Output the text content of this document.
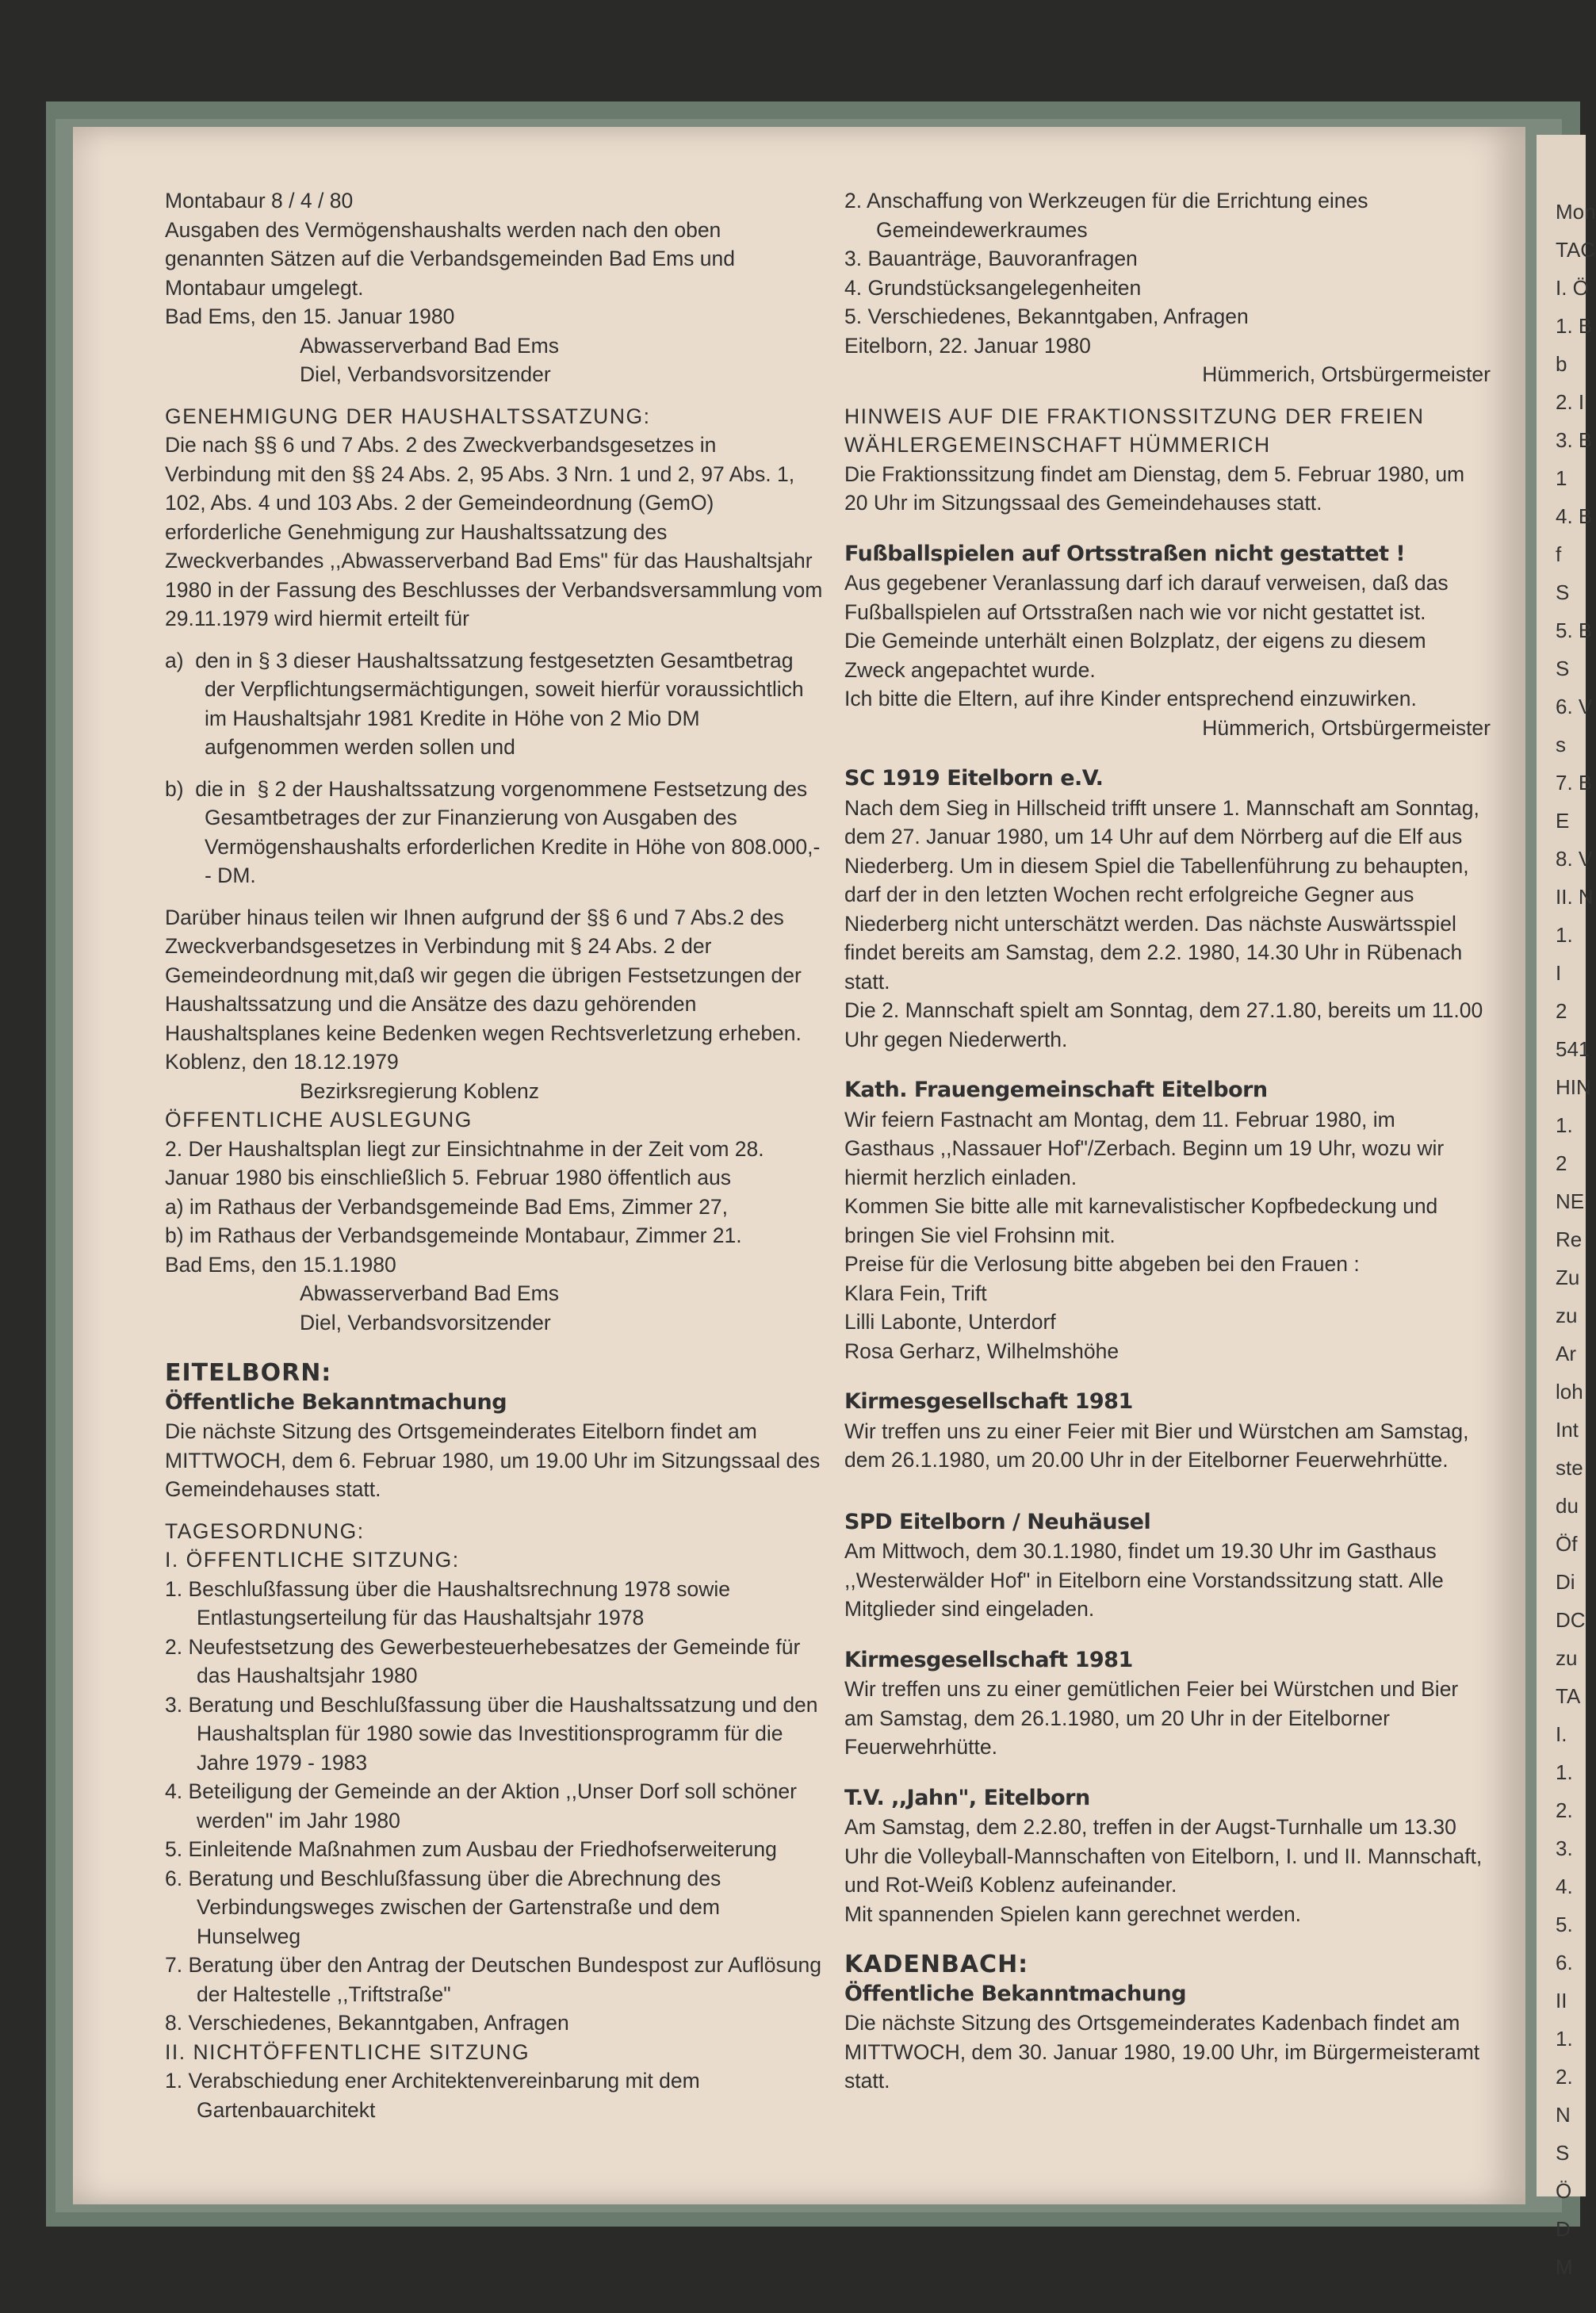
Montabaur 8 / 4 / 80

Ausgaben des Vermögenshaushalts werden nach den oben

genannten Sätzen auf die Verbandsgemeinden Bad Ems und

Montabaur umgelegt.

Bad Ems, den 15. Januar 1980

Abwasserverband Bad Ems

Diel, Verbandsvorsitzender

GENEHMIGUNG DER HAUSHALTSSATZUNG:

Die nach §§ 6 und 7 Abs. 2 des Zweckverbandsgesetzes in Verbindung mit den §§ 24 Abs. 2, 95 Abs. 3 Nrn. 1 und 2, 97 Abs. 1, 102, Abs. 4 und 103 Abs. 2 der Gemeindeordnung (GemO) erforderliche Genehmigung zur Haushaltssatzung des Zweckverbandes ,,Abwasserverband Bad Ems" für das Haushaltsjahr 1980 in der Fassung des Beschlusses der Verbandsversammlung vom 29.11.1979 wird hiermit erteilt für

a)  den in § 3 dieser Haushaltssatzung festgesetzten Gesamtbetrag der Verpflichtungsermächtigungen, soweit hierfür voraussichtlich im Haushaltsjahr 1981 Kredite in Höhe von 2 Mio DM aufgenommen werden sollen und

b)  die in  § 2 der Haushaltssatzung vorgenommene Festsetzung des Gesamtbetrages der zur Finanzierung von Ausgaben des Vermögenshaushalts erforderlichen Kredite in Höhe von 808.000,-- DM.

Darüber hinaus teilen wir Ihnen aufgrund der §§ 6 und 7 Abs.2 des Zweckverbandsgesetzes in Verbindung mit § 24 Abs. 2 der Gemeindeordnung mit,daß wir gegen die übrigen Festsetzungen der Haushaltssatzung und die Ansätze des dazu gehörenden Haushaltsplanes keine Bedenken wegen Rechtsverletzung erheben.

Koblenz, den 18.12.1979

Bezirksregierung Koblenz

ÖFFENTLICHE AUSLEGUNG

2. Der Haushaltsplan liegt zur Einsichtnahme in der Zeit vom 28. Januar 1980 bis einschließlich 5. Februar 1980 öffentlich aus

a) im Rathaus der Verbandsgemeinde Bad Ems, Zimmer 27,

b) im Rathaus der Verbandsgemeinde Montabaur, Zimmer 21.

Bad Ems, den 15.1.1980

Abwasserverband Bad Ems

Diel, Verbandsvorsitzender

EITELBORN:

Öffentliche Bekanntmachung

Die nächste Sitzung des Ortsgemeinderates Eitelborn findet am MITTWOCH, dem 6. Februar 1980, um 19.00 Uhr im Sitzungssaal des Gemeindehauses statt.

TAGESORDNUNG:

I. ÖFFENTLICHE SITZUNG:

1. Beschlußfassung über die Haushaltsrechnung 1978 sowie Entlastungserteilung für das Haushaltsjahr 1978

2. Neufestsetzung des Gewerbesteuerhebesatzes der Gemeinde für das Haushaltsjahr 1980

3. Beratung und Beschlußfassung über die Haushaltssatzung und den Haushaltsplan für 1980 sowie das Investitionsprogramm für die Jahre 1979 - 1983

4. Beteiligung der Gemeinde an der Aktion ,,Unser Dorf soll schöner werden" im Jahr 1980

5. Einleitende Maßnahmen zum Ausbau der Friedhofserweiterung

6. Beratung und Beschlußfassung über die Abrechnung des Verbindungsweges zwischen der Gartenstraße und dem Hunselweg

7. Beratung über den Antrag der Deutschen Bundespost zur Auflösung der Haltestelle ,,Triftstraße"

8. Verschiedenes, Bekanntgaben, Anfragen

II. NICHTÖFFENTLICHE SITZUNG

1. Verabschiedung ener Architektenvereinbarung mit dem Gartenbauarchitekt

2. Anschaffung von Werkzeugen für die Errichtung eines Gemeindewerkraumes

3. Bauanträge, Bauvoranfragen

4. Grundstücksangelegenheiten

5. Verschiedenes, Bekanntgaben, Anfragen

Eitelborn, 22. Januar 1980

Hümmerich, Ortsbürgermeister

HINWEIS AUF DIE FRAKTIONSSITZUNG DER FREIEN WÄHLERGEMEINSCHAFT HÜMMERICH

Die Fraktionssitzung findet am Dienstag, dem 5. Februar 1980, um 20 Uhr im Sitzungssaal des Gemeindehauses statt.

Fußballspielen auf Ortsstraßen nicht gestattet !

Aus gegebener Veranlassung darf ich darauf verweisen, daß das Fußballspielen auf Ortsstraßen nach wie vor nicht gestattet ist.

Die Gemeinde unterhält einen Bolzplatz, der eigens zu diesem Zweck angepachtet wurde.

Ich bitte die Eltern, auf ihre Kinder entsprechend einzuwirken.

Hümmerich, Ortsbürgermeister

SC 1919 Eitelborn e.V.

Nach dem Sieg in Hillscheid trifft unsere 1. Mannschaft am Sonntag, dem 27. Januar 1980, um 14 Uhr auf dem Nörrberg auf die Elf aus Niederberg. Um in diesem Spiel die Tabellenführung zu behaupten, darf der in den letzten Wochen recht erfolgreiche Gegner aus Niederberg nicht unterschätzt werden. Das nächste Auswärtsspiel findet bereits am Samstag, dem 2.2. 1980, 14.30 Uhr in Rübenach statt.

Die 2. Mannschaft spielt am Sonntag, dem 27.1.80, bereits um 11.00 Uhr gegen Niederwerth.

Kath. Frauengemeinschaft Eitelborn

Wir feiern Fastnacht am Montag, dem 11. Februar 1980, im Gasthaus ,,Nassauer Hof"/Zerbach. Beginn um 19 Uhr, wozu wir hiermit herzlich einladen.

Kommen Sie bitte alle mit karnevalistischer Kopfbedeckung und bringen Sie viel Frohsinn mit.

Preise für die Verlosung bitte abgeben bei den Frauen :

Klara Fein, Trift

Lilli Labonte, Unterdorf

Rosa Gerharz, Wilhelmshöhe

Kirmesgesellschaft 1981

Wir treffen uns zu einer Feier mit Bier und Würstchen am Samstag, dem 26.1.1980, um 20.00 Uhr in der Eitelborner Feuerwehrhütte.

SPD Eitelborn / Neuhäusel

Am Mittwoch, dem 30.1.1980, findet um 19.30 Uhr im Gasthaus ,,Westerwälder Hof" in Eitelborn eine Vorstandssitzung statt. Alle Mitglieder sind eingeladen.

Kirmesgesellschaft 1981

Wir treffen uns zu einer gemütlichen Feier bei Würstchen und Bier am Samstag, dem 26.1.1980, um 20 Uhr in der Eitelborner Feuerwehrhütte.

T.V. ,,Jahn", Eitelborn

Am Samstag, dem 2.2.80, treffen in der Augst-Turnhalle um 13.30 Uhr die Volleyball-Mannschaften von Eitelborn, I. und II. Mannschaft, und Rot-Weiß Koblenz aufeinander.

Mit spannenden Spielen kann gerechnet werden.

KADENBACH:

Öffentliche Bekanntmachung

Die nächste Sitzung des Ortsgemeinderates Kadenbach findet am MITTWOCH, dem 30. Januar 1980, 19.00 Uhr, im Bürgermeisteramt statt.

Mon
TAC
I. Ö
1. B
b
2. I
3. B
1
4. B
f
S
5. B
S
6. V
s
7. B
E
8. V
II. N
1.
I
2
541
HIN
1.
2
NE
Re
Zu
zu
Ar
loh
Int
ste
du
Öf
Di
DC
zu
TA
I.
1.
2.
3.
4.
5.
6.
II
1.
2.
N
S
Ö
D
M
